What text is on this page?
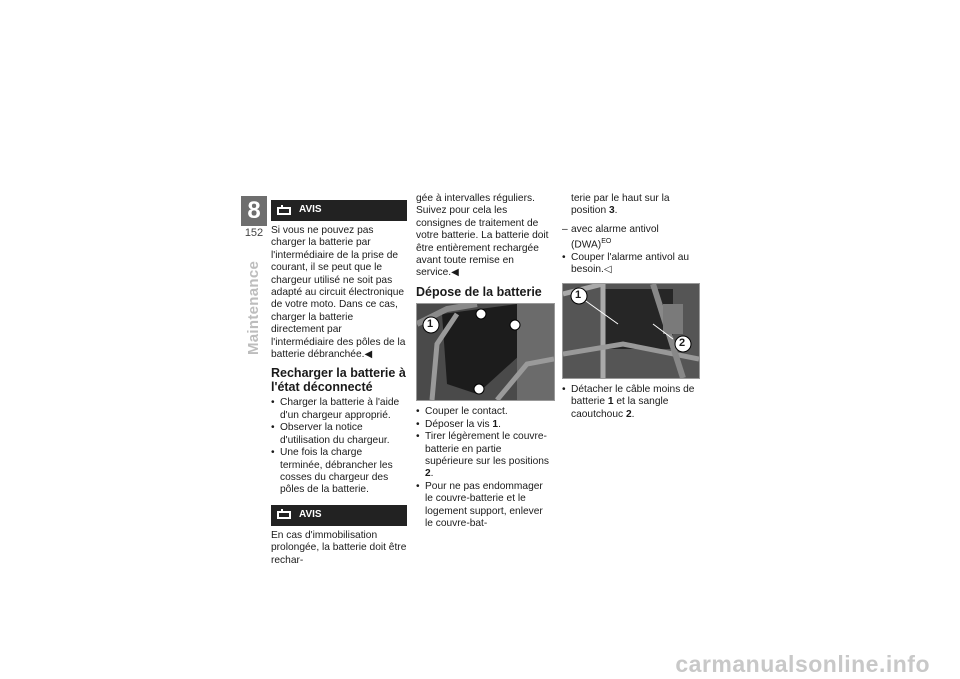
8
152
Maintenance
AVIS

Si vous ne pouvez pas charger la batterie par l'intermédiaire de la prise de courant, il se peut que le chargeur utilisé ne soit pas adapté au circuit électronique de votre moto. Dans ce cas, charger la batterie directement par l'intermédiaire des pôles de la batterie débranchée.◀

Recharger la batterie à l'état déconnecté
• Charger la batterie à l'aide d'un chargeur approprié.
• Observer la notice d'utilisation du chargeur.
• Une fois la charge terminée, débrancher les cosses du chargeur des pôles de la batterie.
AVIS

En cas d'immobilisation prolongée, la batterie doit être rechar-

gée à intervalles réguliers. Suivez pour cela les consignes de traitement de votre batterie. La batterie doit être entièrement rechargée avant toute remise en service.◀

Dépose de la batterie
1
• Couper le contact.
• Déposer la vis 1.
• Tirer légèrement le couvre-batterie en partie supérieure sur les positions 2.
• Pour ne pas endommager le couvre-batterie et le logement support, enlever le couvre-bat-

terie par le haut sur la position 3.

– avec alarme antivol (DWA)$^{EO}$
• Couper l'alarme antivol au besoin.◁
1
2
• Détacher le câble moins de batterie 1 et la sangle caoutchouc 2.
carmanualsonline.info
